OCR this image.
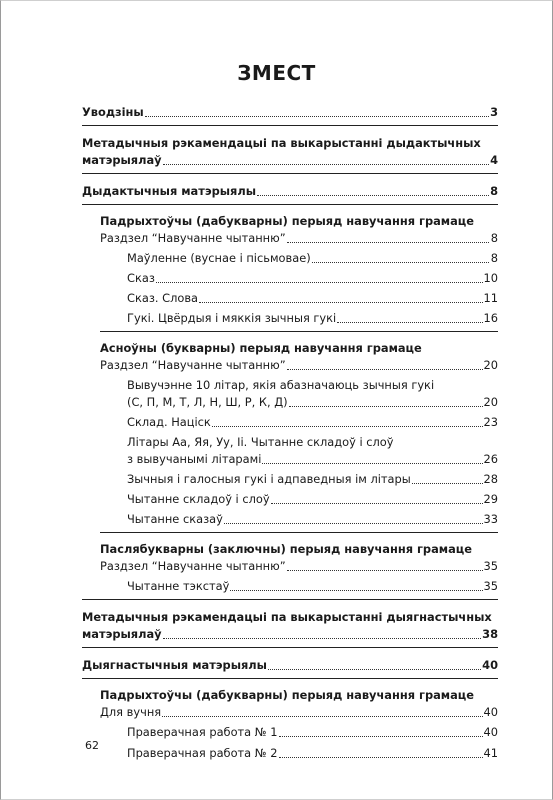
ЗМЕСТ
Уводзіны	3
Метадычныя рэкамендацыі па выкарыстанні дыдактычных
матэрыялаў	4
Дыдактычныя матэрыялы	8
Падрыхтоўчы (дабукварны) перыяд навучання грамаце
Раздзел “Навучанне чытанню”	8
Маўленне (вуснае і пісьмовае)	8
Сказ	10
Сказ. Слова	11
Гукі. Цвёрдыя і мяккія зычныя гукі	16
Асноўны (букварны) перыяд навучання грамаце
Раздзел “Навучанне чытанню”	20
Вывучэнне 10 літар, якія абазначаюць зычныя гукі
(С, П, М, Т, Л, Н, Ш, Р, К, Д)	20
Склад. Націск	23
Літары Аа, Яя, Уу, Іі. Чытанне складоў і слоў
з вывучанымі літарамі	26
Зычныя і галосныя гукі і адпаведныя ім літары	28
Чытанне складоў і слоў	29
Чытанне сказаў	33
Паслябукварны (заключны) перыяд навучання грамаце
Раздзел “Навучанне чытанню”	35
Чытанне тэкстаў	35
Метадычныя рэкамендацыі па выкарыстанні дыягнастычных
матэрыялаў	38
Дыягнастычныя матэрыялы	40
Падрыхтоўчы (дабукварны) перыяд навучання грамаце
Для вучня	40
Праверачная работа № 1	40
Праверачная работа № 2	41
62
